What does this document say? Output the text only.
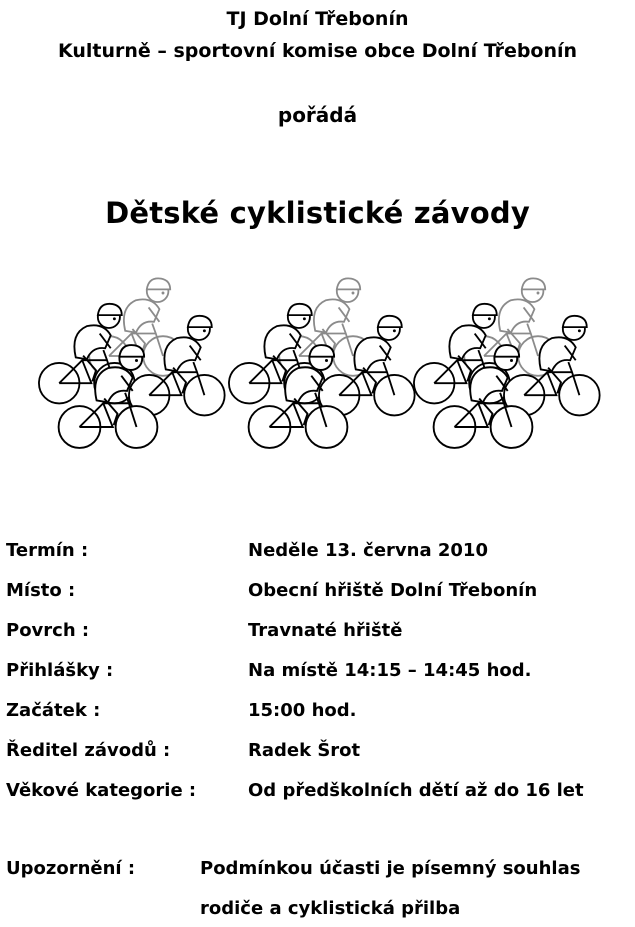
TJ Dolní Třebonín
Kulturně – sportovní komise obce Dolní Třebonín
pořádá
Dětské cyklistické závody
Termín :	Neděle 13. června 2010
Místo :	Obecní hřiště Dolní Třebonín
Povrch :	Travnaté hřiště
Přihlášky :	Na místě 14:15 – 14:45 hod.
Začátek :	15:00 hod.
Ředitel závodů :	Radek Šrot
Věkové kategorie :	Od předškolních dětí až do 16 let
Upozornění :	Podmínkou účasti je písemný souhlas
rodiče a cyklistická přilba
